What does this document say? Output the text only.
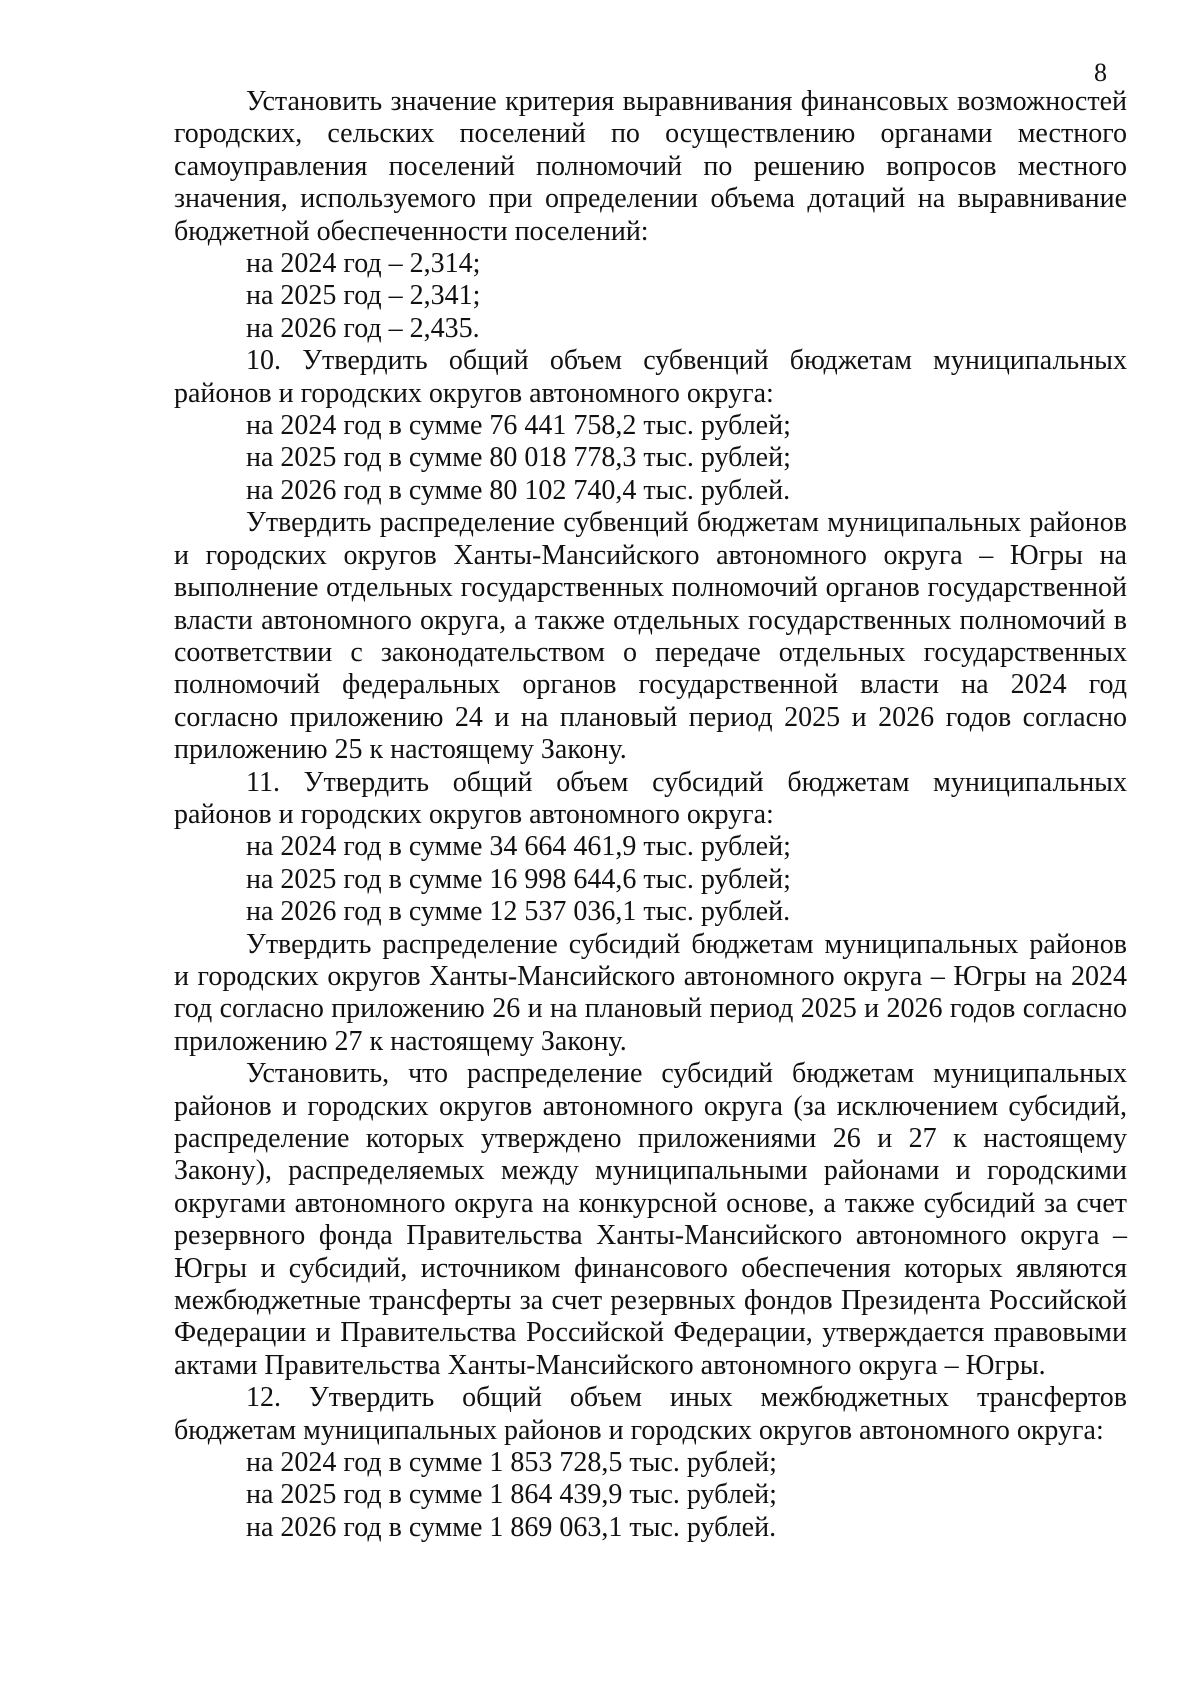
8

Установить значение критерия выравнивания финансовых возможностей городских, сельских поселений по осуществлению органами местного самоуправления поселений полномочий по решению вопросов местного значения, используемого при определении объема дотаций на выравнивание бюджетной обеспеченности поселений:

на 2024 год – 2,314;

на 2025 год – 2,341;

на 2026 год – 2,435.

10. Утвердить общий объем субвенций бюджетам муниципальных районов и городских округов автономного округа:

на 2024 год в сумме 76 441 758,2 тыс. рублей;

на 2025 год в сумме 80 018 778,3 тыс. рублей;

на 2026 год в сумме 80 102 740,4 тыс. рублей.

Утвердить распределение субвенций бюджетам муниципальных районов и городских округов Ханты-Мансийского автономного округа – Югры на выполнение отдельных государственных полномочий органов государственной власти автономного округа, а также отдельных государственных полномочий в соответствии с законодательством о передаче отдельных государственных полномочий федеральных органов государственной власти на 2024 год согласно приложению 24 и на плановый период 2025 и 2026 годов согласно приложению 25 к настоящему Закону.

11. Утвердить общий объем субсидий бюджетам муниципальных районов и городских округов автономного округа:

на 2024 год в сумме 34 664 461,9 тыс. рублей;

на 2025 год в сумме 16 998 644,6 тыс. рублей;

на 2026 год в сумме 12 537 036,1 тыс. рублей.

Утвердить распределение субсидий бюджетам муниципальных районов и городских округов Ханты-Мансийского автономного округа – Югры на 2024 год согласно приложению 26 и на плановый период 2025 и 2026 годов согласно приложению 27 к настоящему Закону.

Установить, что распределение субсидий бюджетам муниципальных районов и городских округов автономного округа (за исключением субсидий, распределение которых утверждено приложениями 26 и 27 к настоящему Закону), распределяемых между муниципальными районами и городскими округами автономного округа на конкурсной основе, а также субсидий за счет резервного фонда Правительства Ханты-Мансийского автономного округа – Югры и субсидий, источником финансового обеспечения которых являются межбюджетные трансферты за счет резервных фондов Президента Российской Федерации и Правительства Российской Федерации, утверждается правовыми актами Правительства Ханты-Мансийского автономного округа – Югры.

12. Утвердить общий объем иных межбюджетных трансфертов бюджетам муниципальных районов и городских округов автономного округа:

на 2024 год в сумме 1 853 728,5 тыс. рублей;

на 2025 год в сумме 1 864 439,9 тыс. рублей;

на 2026 год в сумме 1 869 063,1 тыс. рублей.
